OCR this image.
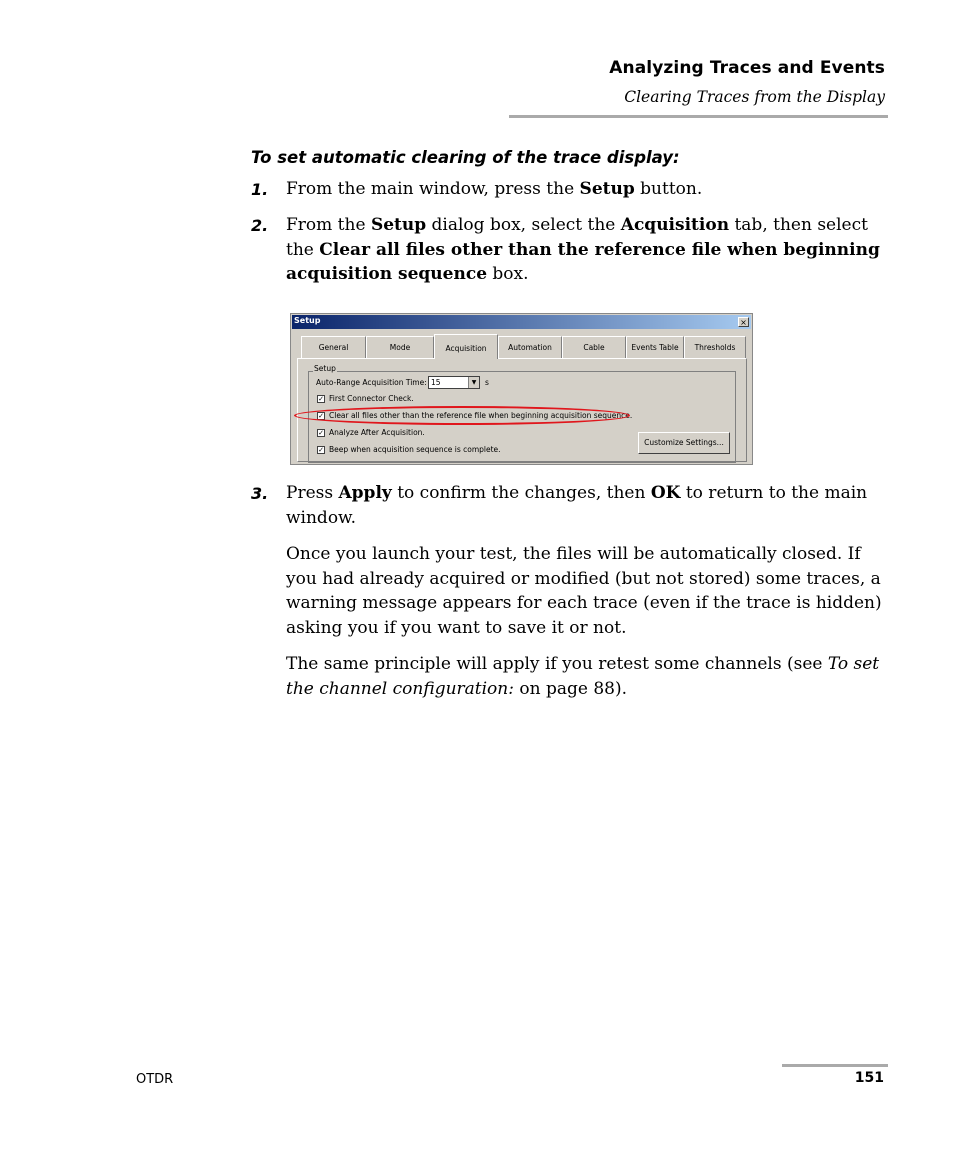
Analyzing Traces and Events
Clearing Traces from the Display
To set automatic clearing of the trace display:
1. From the main window, press the Setup button.
2. From the Setup dialog box, select the Acquisition tab, then select the Clear all files other than the reference file when beginning acquisition sequence box.
Setup	×
General	Mode	Acquisition	Automation	Cable	Events Table	Thresholds
Setup
Auto-Range Acquisition Time: 15	▼	s
✓ First Connector Check.
✓ Clear all files other than the reference file when beginning acquisition sequence.
✓ Analyze After Acquisition.
✓ Beep when acquisition sequence is complete.
Customize Settings...
3. Press Apply to confirm the changes, then OK to return to the main window.
Once you launch your test, the files will be automatically closed. If you had already acquired or modified (but not stored) some traces, a warning message appears for each trace (even if the trace is hidden) asking you if you want to save it or not.
The same principle will apply if you retest some channels (see To set the channel configuration: on page 88).
OTDR	151
